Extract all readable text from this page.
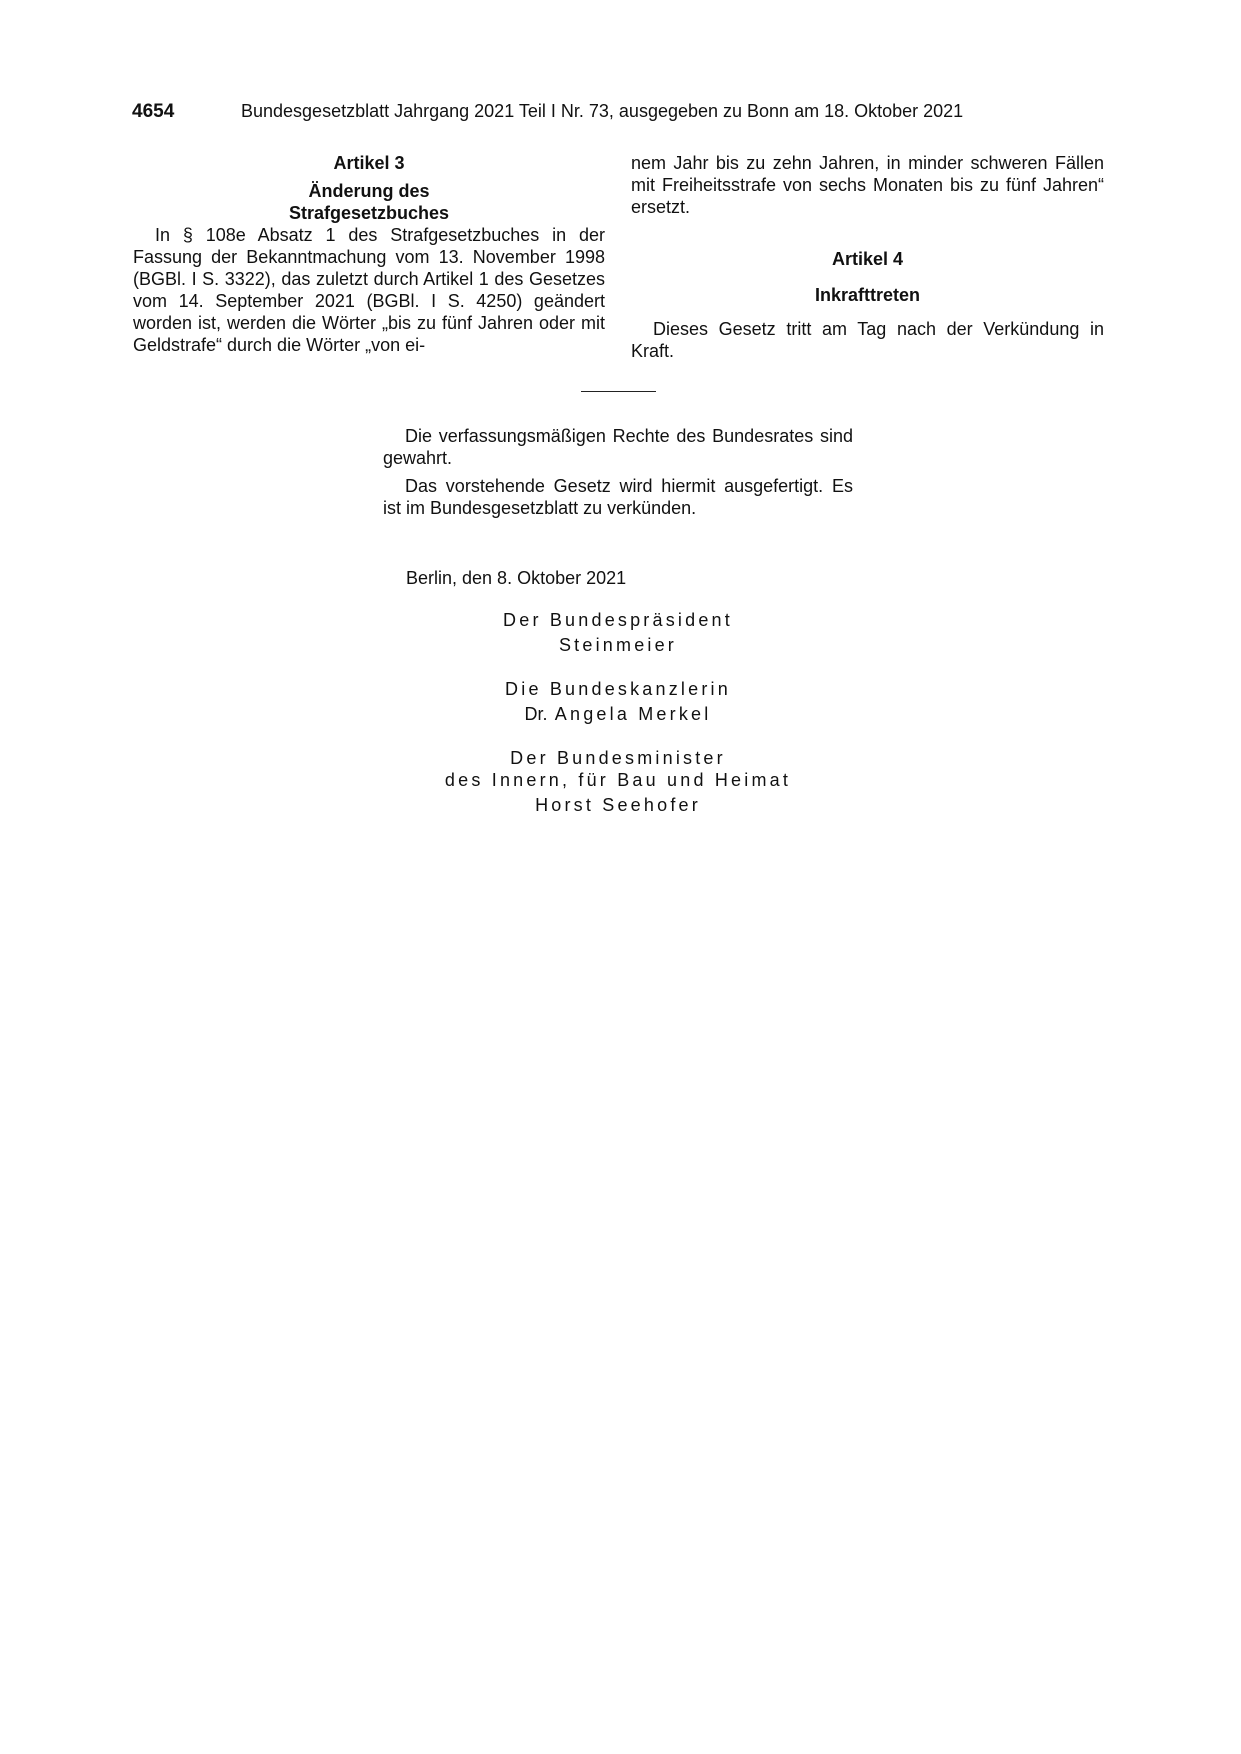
4654	Bundesgesetzblatt Jahrgang 2021 Teil I Nr. 73, ausgegeben zu Bonn am 18. Oktober 2021
Artikel 3
Änderung des
Strafgesetzbuches

In § 108e Absatz 1 des Strafgesetzbuches in der Fassung der Bekanntmachung vom 13. November 1998 (BGBl. I S. 3322), das zuletzt durch Artikel 1 des Gesetzes vom 14. September 2021 (BGBl. I S. 4250) geändert worden ist, werden die Wörter „bis zu fünf Jahren oder mit Geldstrafe“ durch die Wörter „von ei-

nem Jahr bis zu zehn Jahren, in minder schweren Fällen mit Freiheitsstrafe von sechs Monaten bis zu fünf Jahren“ ersetzt.

Artikel 4
Inkrafttreten

Dieses Gesetz tritt am Tag nach der Verkündung in Kraft.

Die verfassungsmäßigen Rechte des Bundesrates sind gewahrt.

Das vorstehende Gesetz wird hiermit ausgefertigt. Es ist im Bundesgesetzblatt zu verkünden.

Berlin, den 8. Oktober 2021
Der Bundespräsident
Steinmeier
Die Bundeskanzlerin
Dr. Angela Merkel
Der Bundesminister
des Innern, für Bau und Heimat
Horst Seehofer
